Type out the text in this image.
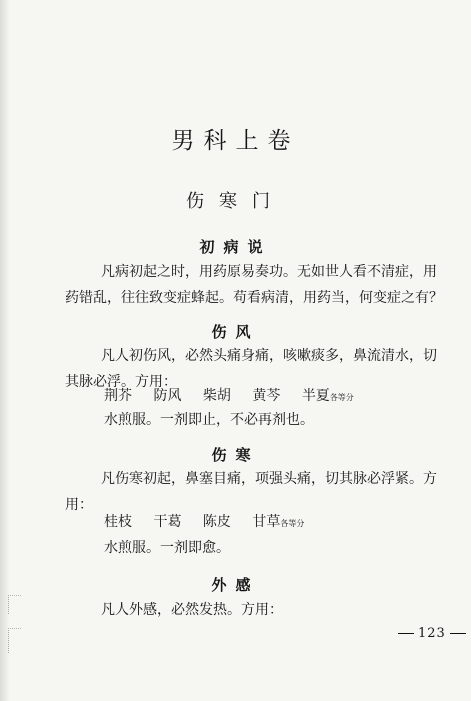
男科上卷
伤寒门
初病说
凡病初起之时，用药原易奏功。无如世人看不清症，用药错乱，往往致变症蜂起。苟看病清，用药当，何变症之有？
伤风
凡人初伤风，必然头痛身痛，咳嗽痰多，鼻流清水，切其脉必浮。方用：
荆芥 防风 柴胡 黄芩 半夏各等分
水煎服。一剂即止，不必再剂也。
伤寒
凡伤寒初起，鼻塞目痛，项强头痛，切其脉必浮紧。方用：
桂枝 干葛 陈皮 甘草各等分
水煎服。一剂即愈。
外感
凡人外感，必然发热。方用：
123
